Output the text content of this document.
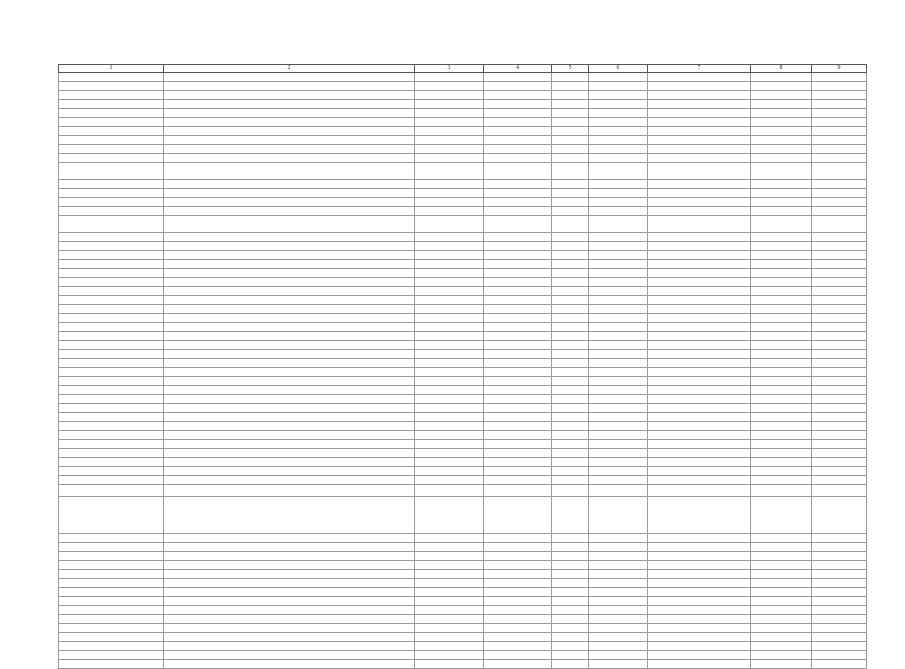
1	2	3	4	5	6	7	8	9
